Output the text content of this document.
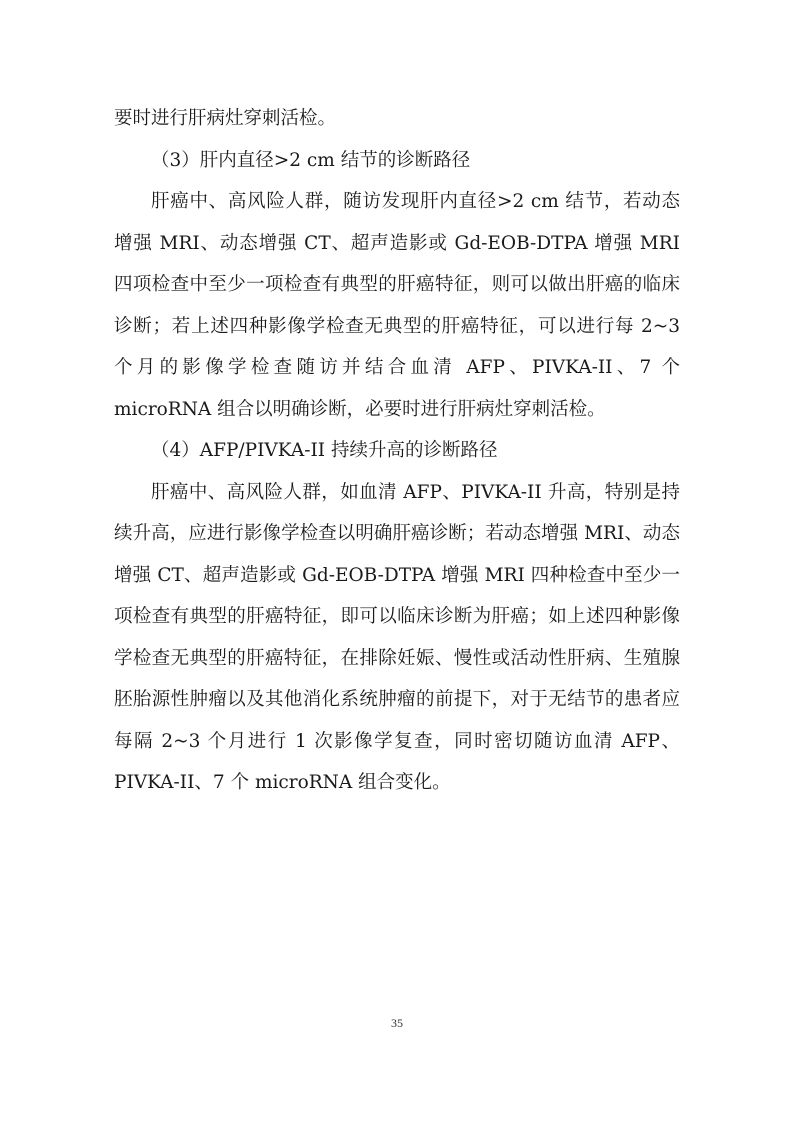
要时进行肝病灶穿刺活检。

（3）肝内直径>2 cm 结节的诊断路径

肝癌中、高风险人群，随访发现肝内直径>2 cm 结节，若动态增强 MRI、动态增强 CT、超声造影或 Gd-EOB-DTPA 增强 MRI 四项检查中至少一项检查有典型的肝癌特征，则可以做出肝癌的临床诊断；若上述四种影像学检查无典型的肝癌特征，可以进行每 2~3 个月的影像学检查随访并结合血清 AFP、PIVKA-II、7 个 microRNA 组合以明确诊断，必要时进行肝病灶穿刺活检。

（4）AFP/PIVKA-II 持续升高的诊断路径

肝癌中、高风险人群，如血清 AFP、PIVKA-II 升高，特别是持续升高，应进行影像学检查以明确肝癌诊断；若动态增强 MRI、动态增强 CT、超声造影或 Gd-EOB-DTPA 增强 MRI 四种检查中至少一项检查有典型的肝癌特征，即可以临床诊断为肝癌；如上述四种影像学检查无典型的肝癌特征，在排除妊娠、慢性或活动性肝病、生殖腺胚胎源性肿瘤以及其他消化系统肿瘤的前提下，对于无结节的患者应每隔 2~3 个月进行 1 次影像学复查，同时密切随访血清 AFP、PIVKA-II、7 个 microRNA 组合变化。

35
